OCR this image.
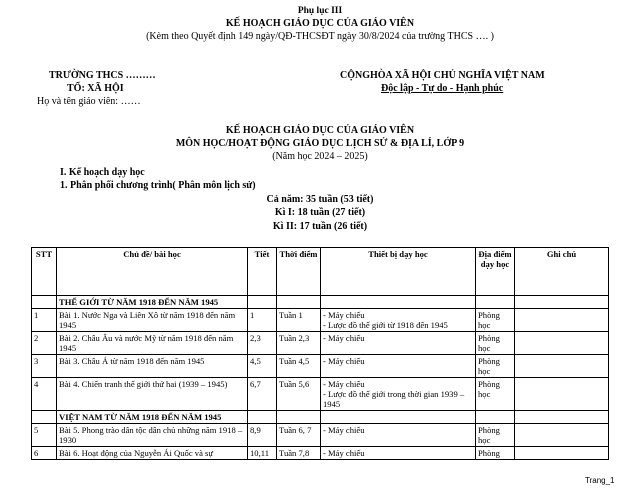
Phụ lục III
KẾ HOẠCH GIÁO DỤC CỦA GIÁO VIÊN
(Kèm theo Quyết định 149 ngày/QĐ-THCSĐT ngày 30/8/2024 của trường THCS …. )
TRƯỜNG THCS ………
TỔ: XÃ HỘI
Họ và tên giáo viên: ……
CỘNGHÒA XÃ HỘI CHỦ NGHĨA VIỆT NAM
Độc lập - Tự do - Hạnh phúc
KẾ HOẠCH GIÁO DỤC CỦA GIÁO VIÊN
MÔN HỌC/HOẠT ĐỘNG GIÁO DỤC LỊCH SỬ & ĐỊA LÍ, LỚP 9
(Năm học 2024 – 2025)
I. Kế hoạch dạy học
1. Phân phối chương trình( Phân môn lịch sử)
Cả năm: 35 tuần (53 tiết)
Kì I: 18 tuần (27 tiết)
Kì II: 17 tuần (26 tiết)
STT	Chủ đề/ bài học	Tiết	Thời điểm	Thiết bị dạy học	Địa điểm dạy học	Ghi chú
	THẾ GIỚI TỪ NĂM 1918 ĐẾN NĂM 1945					
1	Bài 1. Nước Nga và Liên Xô từ năm 1918 đến năm 1945	1	Tuần 1	- Máy chiếu
- Lược đồ thế giới từ 1918 đến 1945	Phòng học	
2	Bài 2. Châu Âu và nước Mỹ từ năm 1918 đến năm 1945	2,3	Tuần 2,3	- Máy chiếu	Phòng học	
3	Bài 3. Châu Á từ năm 1918 đến năm 1945	4,5	Tuần 4,5	- Máy chiếu	Phòng học	
4	Bài 4. Chiến tranh thế giới thứ hai (1939 – 1945)	6,7	Tuần 5,6	- Máy chiếu
- Lược đồ thế giới trong thời gian 1939 – 1945	Phòng học	
	VIỆT NAM TỪ NĂM 1918 ĐẾN NĂM 1945					
5	Bài 5. Phong trào dân tộc dân chủ những năm 1918 – 1930	8,9	Tuần 6, 7	- Máy chiếu	Phòng học	
6	Bài 6. Hoạt động của Nguyễn Ái Quốc và sự	10,11	Tuần 7,8	- Máy chiếu	Phòng	
Trang_1
